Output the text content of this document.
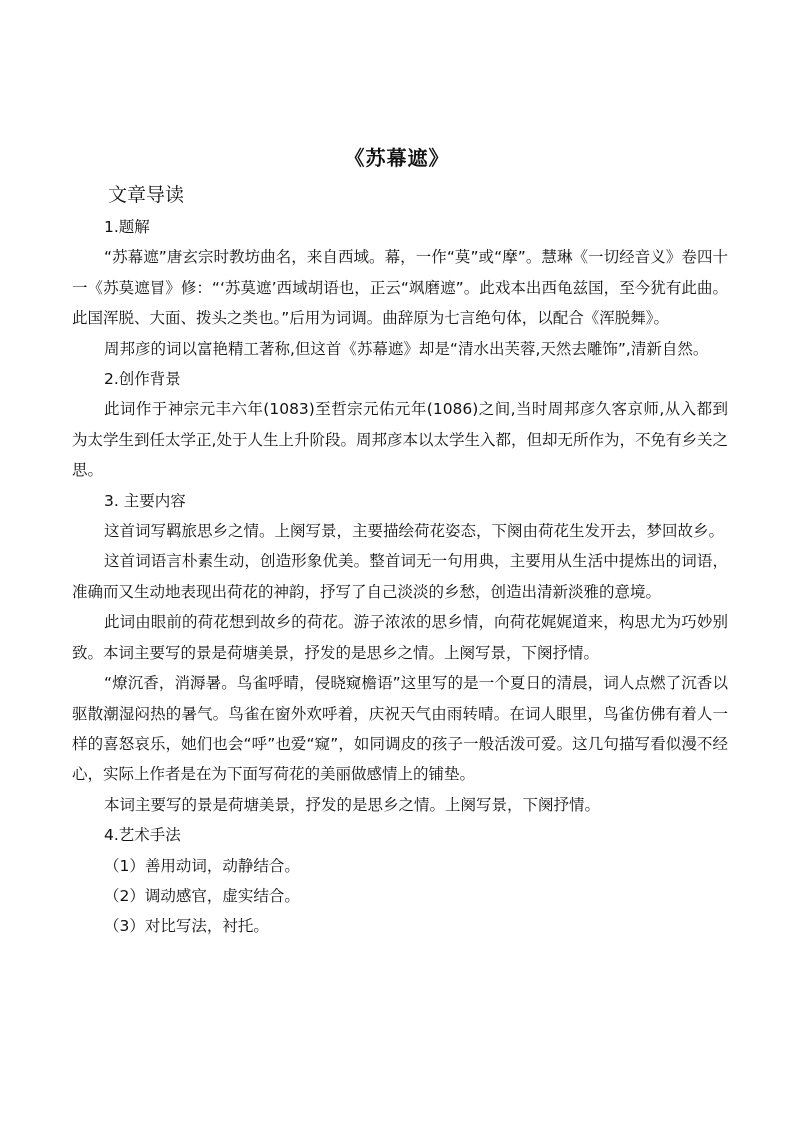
《苏幕遮》
文章导读

1.题解

“苏幕遮”唐玄宗时教坊曲名，来自西域。幕，一作“莫”或“摩”。慧琳《一切经音义》卷四十一《苏莫遮冒》修：“‘苏莫遮’西域胡语也，正云“飒磨遮”。此戏本出西龟兹国，至今犹有此曲。此国浑脱、大面、拨头之类也。”后用为词调。曲辞原为七言绝句体，以配合《浑脱舞》。

周邦彦的词以富艳精工著称,但这首《苏幕遮》却是“清水出芙蓉,天然去雕饰”,清新自然。

2.创作背景

此词作于神宗元丰六年(1083)至哲宗元佑元年(1086)之间,当时周邦彦久客京师,从入都到为太学生到任太学正,处于人生上升阶段。周邦彦本以太学生入都，但却无所作为，不免有乡关之思。

3. 主要内容

这首词写羁旅思乡之情。上阕写景，主要描绘荷花姿态，下阕由荷花生发开去，梦回故乡。

这首词语言朴素生动，创造形象优美。整首词无一句用典，主要用从生活中提炼出的词语，准确而又生动地表现出荷花的神韵，抒写了自己淡淡的乡愁，创造出清新淡雅的意境。

此词由眼前的荷花想到故乡的荷花。游子浓浓的思乡情，向荷花娓娓道来，构思尤为巧妙别致。本词主要写的景是荷塘美景，抒发的是思乡之情。上阕写景，下阕抒情。

“燎沉香，消溽暑。鸟雀呼晴，侵晓窥檐语”这里写的是一个夏日的清晨，词人点燃了沉香以驱散潮湿闷热的暑气。鸟雀在窗外欢呼着，庆祝天气由雨转晴。在词人眼里，鸟雀仿佛有着人一样的喜怒哀乐，她们也会“呼”也爱“窥”，如同调皮的孩子一般活泼可爱。这几句描写看似漫不经心，实际上作者是在为下面写荷花的美丽做感情上的铺垫。

本词主要写的景是荷塘美景，抒发的是思乡之情。上阕写景，下阕抒情。

4.艺术手法

（1）善用动词，动静结合。

（2）调动感官，虚实结合。

（3）对比写法，衬托。
